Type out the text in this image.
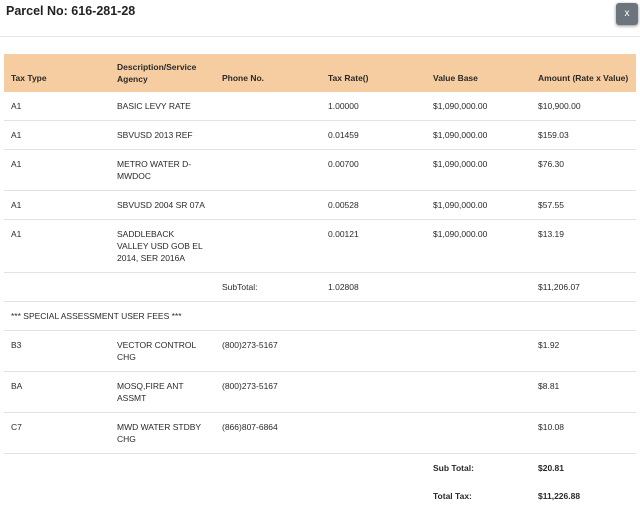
Parcel No: 616-281-28	x
Tax Type	Description/Service Agency	Phone No.	Tax Rate()	Value Base	Amount (Rate x Value)
A1	BASIC LEVY RATE		1.00000	$1,090,000.00	$10,900.00
A1	SBVUSD 2013 REF		0.01459	$1,090,000.00	$159.03
A1	METRO WATER D-MWDOC		0.00700	$1,090,000.00	$76.30
A1	SBVUSD 2004 SR 07A		0.00528	$1,090,000.00	$57.55
A1	SADDLEBACK VALLEY USD GOB EL 2014, SER 2016A		0.00121	$1,090,000.00	$13.19
		SubTotal:	1.02808		$11,206.07
*** SPECIAL ASSESSMENT USER FEES ***					
B3	VECTOR CONTROL CHG	(800)273-5167			$1.92
BA	MOSQ,FIRE ANT ASSMT	(800)273-5167			$8.81
C7	MWD WATER STDBY CHG	(866)807-6864			$10.08
				Sub Total:	$20.81
				Total Tax:	$11,226.88
